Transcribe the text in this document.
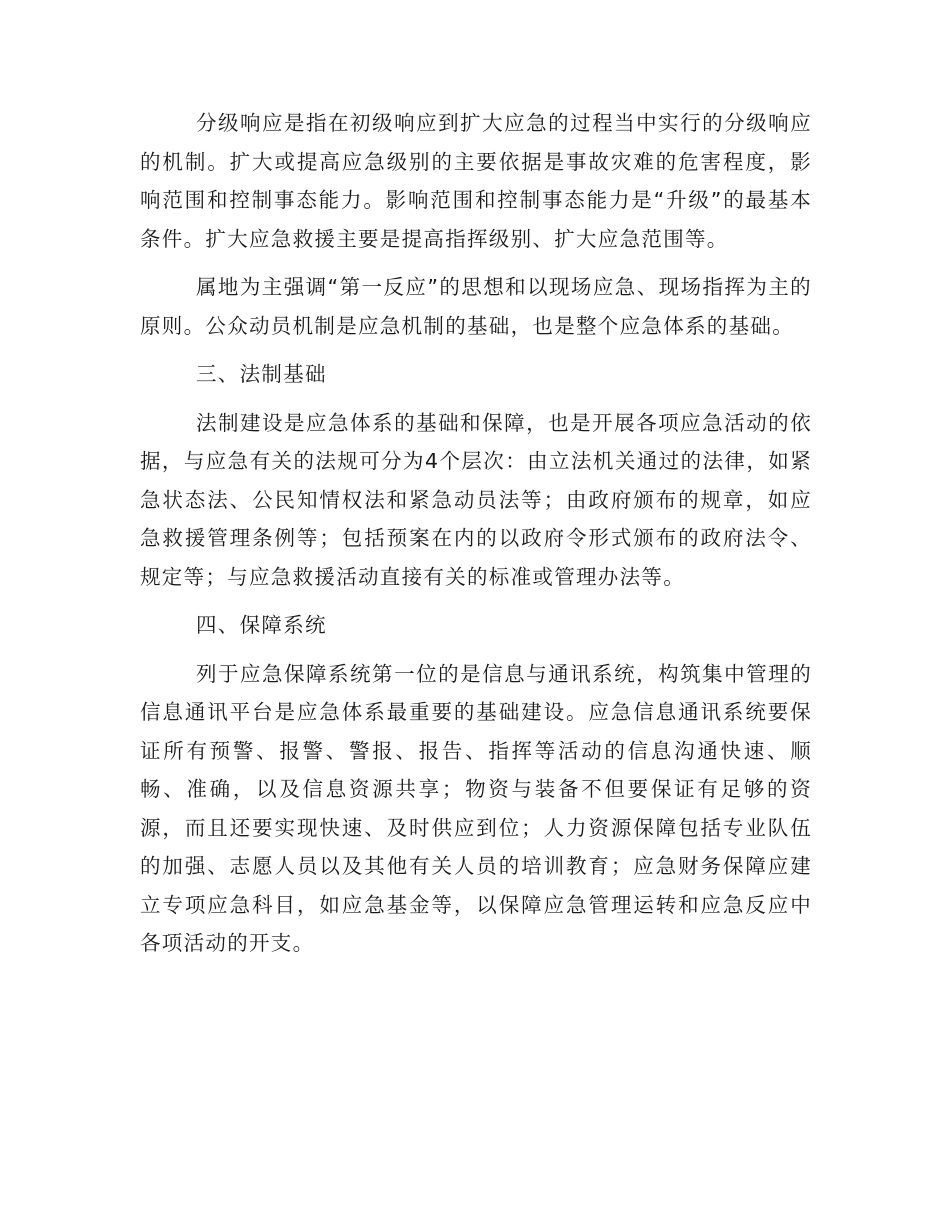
分级响应是指在初级响应到扩大应急的过程当中实行的分级响应的机制。扩大或提高应急级别的主要依据是事故灾难的危害程度，影响范围和控制事态能力。影响范围和控制事态能力是“升级”的最基本条件。扩大应急救援主要是提高指挥级别、扩大应急范围等。

属地为主强调“第一反应”的思想和以现场应急、现场指挥为主的原则。公众动员机制是应急机制的基础，也是整个应急体系的基础。

三、法制基础

法制建设是应急体系的基础和保障，也是开展各项应急活动的依据，与应急有关的法规可分为4个层次：由立法机关通过的法律，如紧急状态法、公民知情权法和紧急动员法等；由政府颁布的规章，如应急救援管理条例等；包括预案在内的以政府令形式颁布的政府法令、规定等；与应急救援活动直接有关的标准或管理办法等。

四、保障系统

列于应急保障系统第一位的是信息与通讯系统，构筑集中管理的信息通讯平台是应急体系最重要的基础建设。应急信息通讯系统要保证所有预警、报警、警报、报告、指挥等活动的信息沟通快速、顺畅、准确，以及信息资源共享；物资与装备不但要保证有足够的资源，而且还要实现快速、及时供应到位；人力资源保障包括专业队伍的加强、志愿人员以及其他有关人员的培训教育；应急财务保障应建立专项应急科目，如应急基金等，以保障应急管理运转和应急反应中各项活动的开支。
